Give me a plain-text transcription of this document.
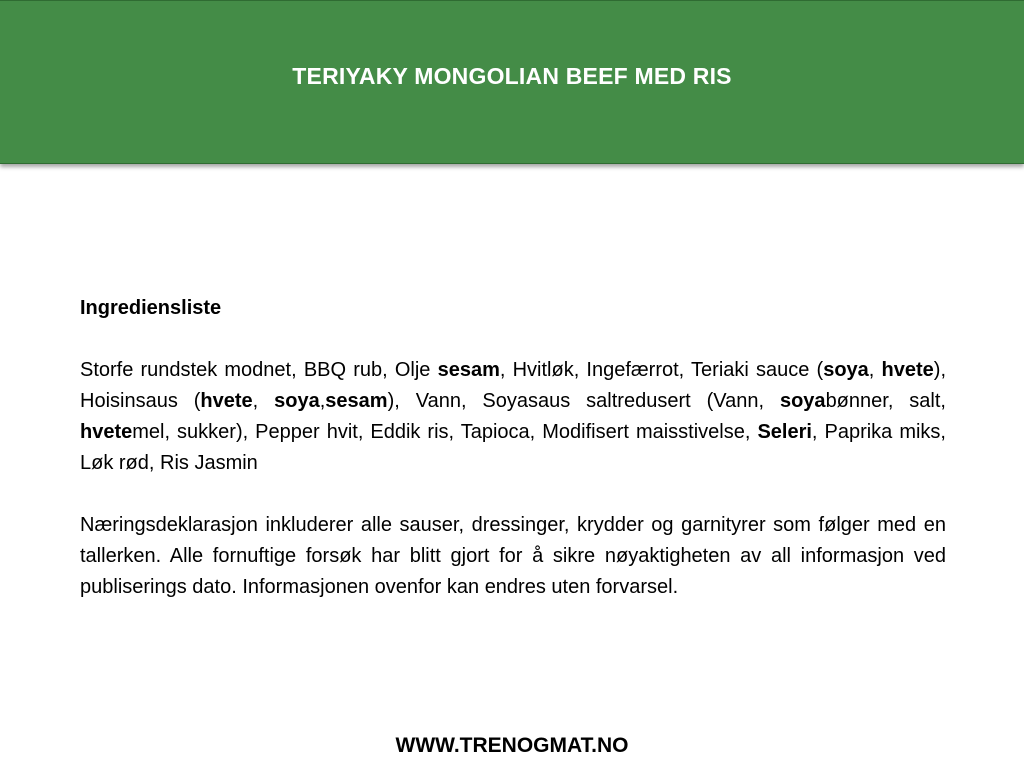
TERIYAKY MONGOLIAN BEEF MED RIS
Ingrediensliste
Storfe rundstek modnet, BBQ rub, Olje sesam, Hvitløk, Ingefærrot, Teriaki sauce (soya, hvete), Hoisinsaus (hvete, soya,sesam), Vann, Soyasaus saltredusert (Vann, soyabønner, salt, hvetemel, sukker), Pepper hvit, Eddik ris, Tapioca, Modifisert maisstivelse, Seleri, Paprika miks, Løk rød, Ris Jasmin
Næringsdeklarasjon inkluderer alle sauser, dressinger, krydder og garnityrer som følger med en tallerken. Alle fornuftige forsøk har blitt gjort for å sikre nøyaktigheten av all informasjon ved publiserings dato. Informasjonen ovenfor kan endres uten forvarsel.
WWW.TRENOGMAT.NO
